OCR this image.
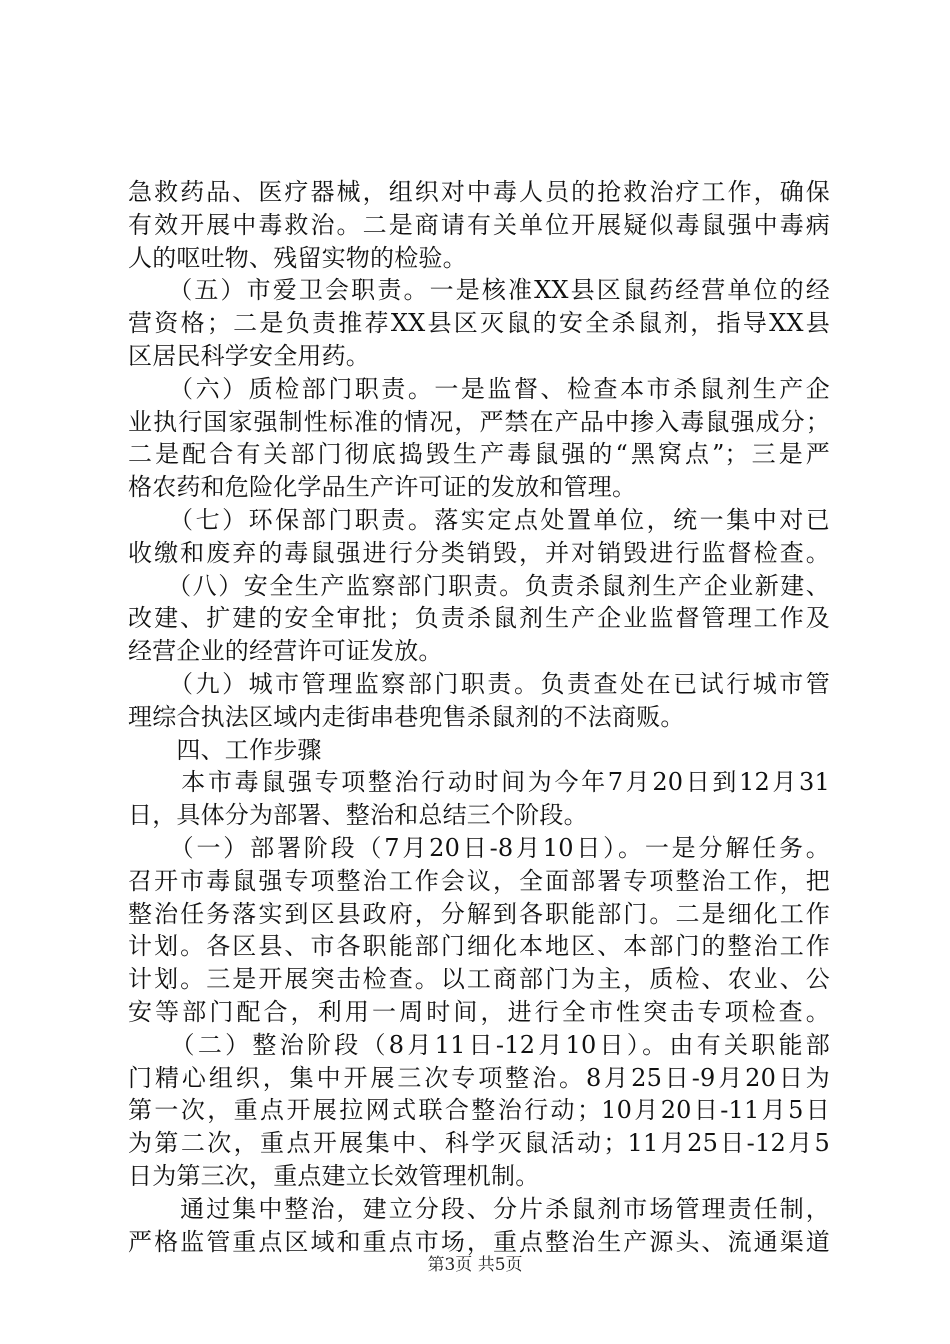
急救药品、医疗器械，组织对中毒人员的抢救治疗工作，确保
有效开展中毒救治。二是商请有关单位开展疑似毒鼠强中毒病
人的呕吐物、残留实物的检验。
　　（五）市爱卫会职责。一是核准XX县区鼠药经营单位的经
营资格；二是负责推荐XX县区灭鼠的安全杀鼠剂，指导XX县
区居民科学安全用药。
　　（六）质检部门职责。一是监督、检查本市杀鼠剂生产企
业执行国家强制性标准的情况，严禁在产品中掺入毒鼠强成分；
二是配合有关部门彻底捣毁生产毒鼠强的“黑窝点”；三是严
格农药和危险化学品生产许可证的发放和管理。
　　（七）环保部门职责。落实定点处置单位，统一集中对已
收缴和废弃的毒鼠强进行分类销毁，并对销毁进行监督检查。
　　（八）安全生产监察部门职责。负责杀鼠剂生产企业新建、
改建、扩建的安全审批；负责杀鼠剂生产企业监督管理工作及
经营企业的经营许可证发放。
　　（九）城市管理监察部门职责。负责查处在已试行城市管
理综合执法区域内走街串巷兜售杀鼠剂的不法商贩。
　　四、工作步骤
　　本市毒鼠强专项整治行动时间为今年7月20日到12月31
日，具体分为部署、整治和总结三个阶段。
　　（一）部署阶段（7月20日-8月10日）。一是分解任务。
召开市毒鼠强专项整治工作会议，全面部署专项整治工作，把
整治任务落实到区县政府，分解到各职能部门。二是细化工作
计划。各区县、市各职能部门细化本地区、本部门的整治工作
计划。三是开展突击检查。以工商部门为主，质检、农业、公
安等部门配合，利用一周时间，进行全市性突击专项检查。
　　（二）整治阶段（8月11日-12月10日）。由有关职能部
门精心组织，集中开展三次专项整治。8月25日-9月20日为
第一次，重点开展拉网式联合整治行动；10月20日-11月5日
为第二次，重点开展集中、科学灭鼠活动；11月25日-12月5
日为第三次，重点建立长效管理机制。
　　通过集中整治，建立分段、分片杀鼠剂市场管理责任制，
严格监管重点区域和重点市场，重点整治生产源头、流通渠道
第3页 共5页
